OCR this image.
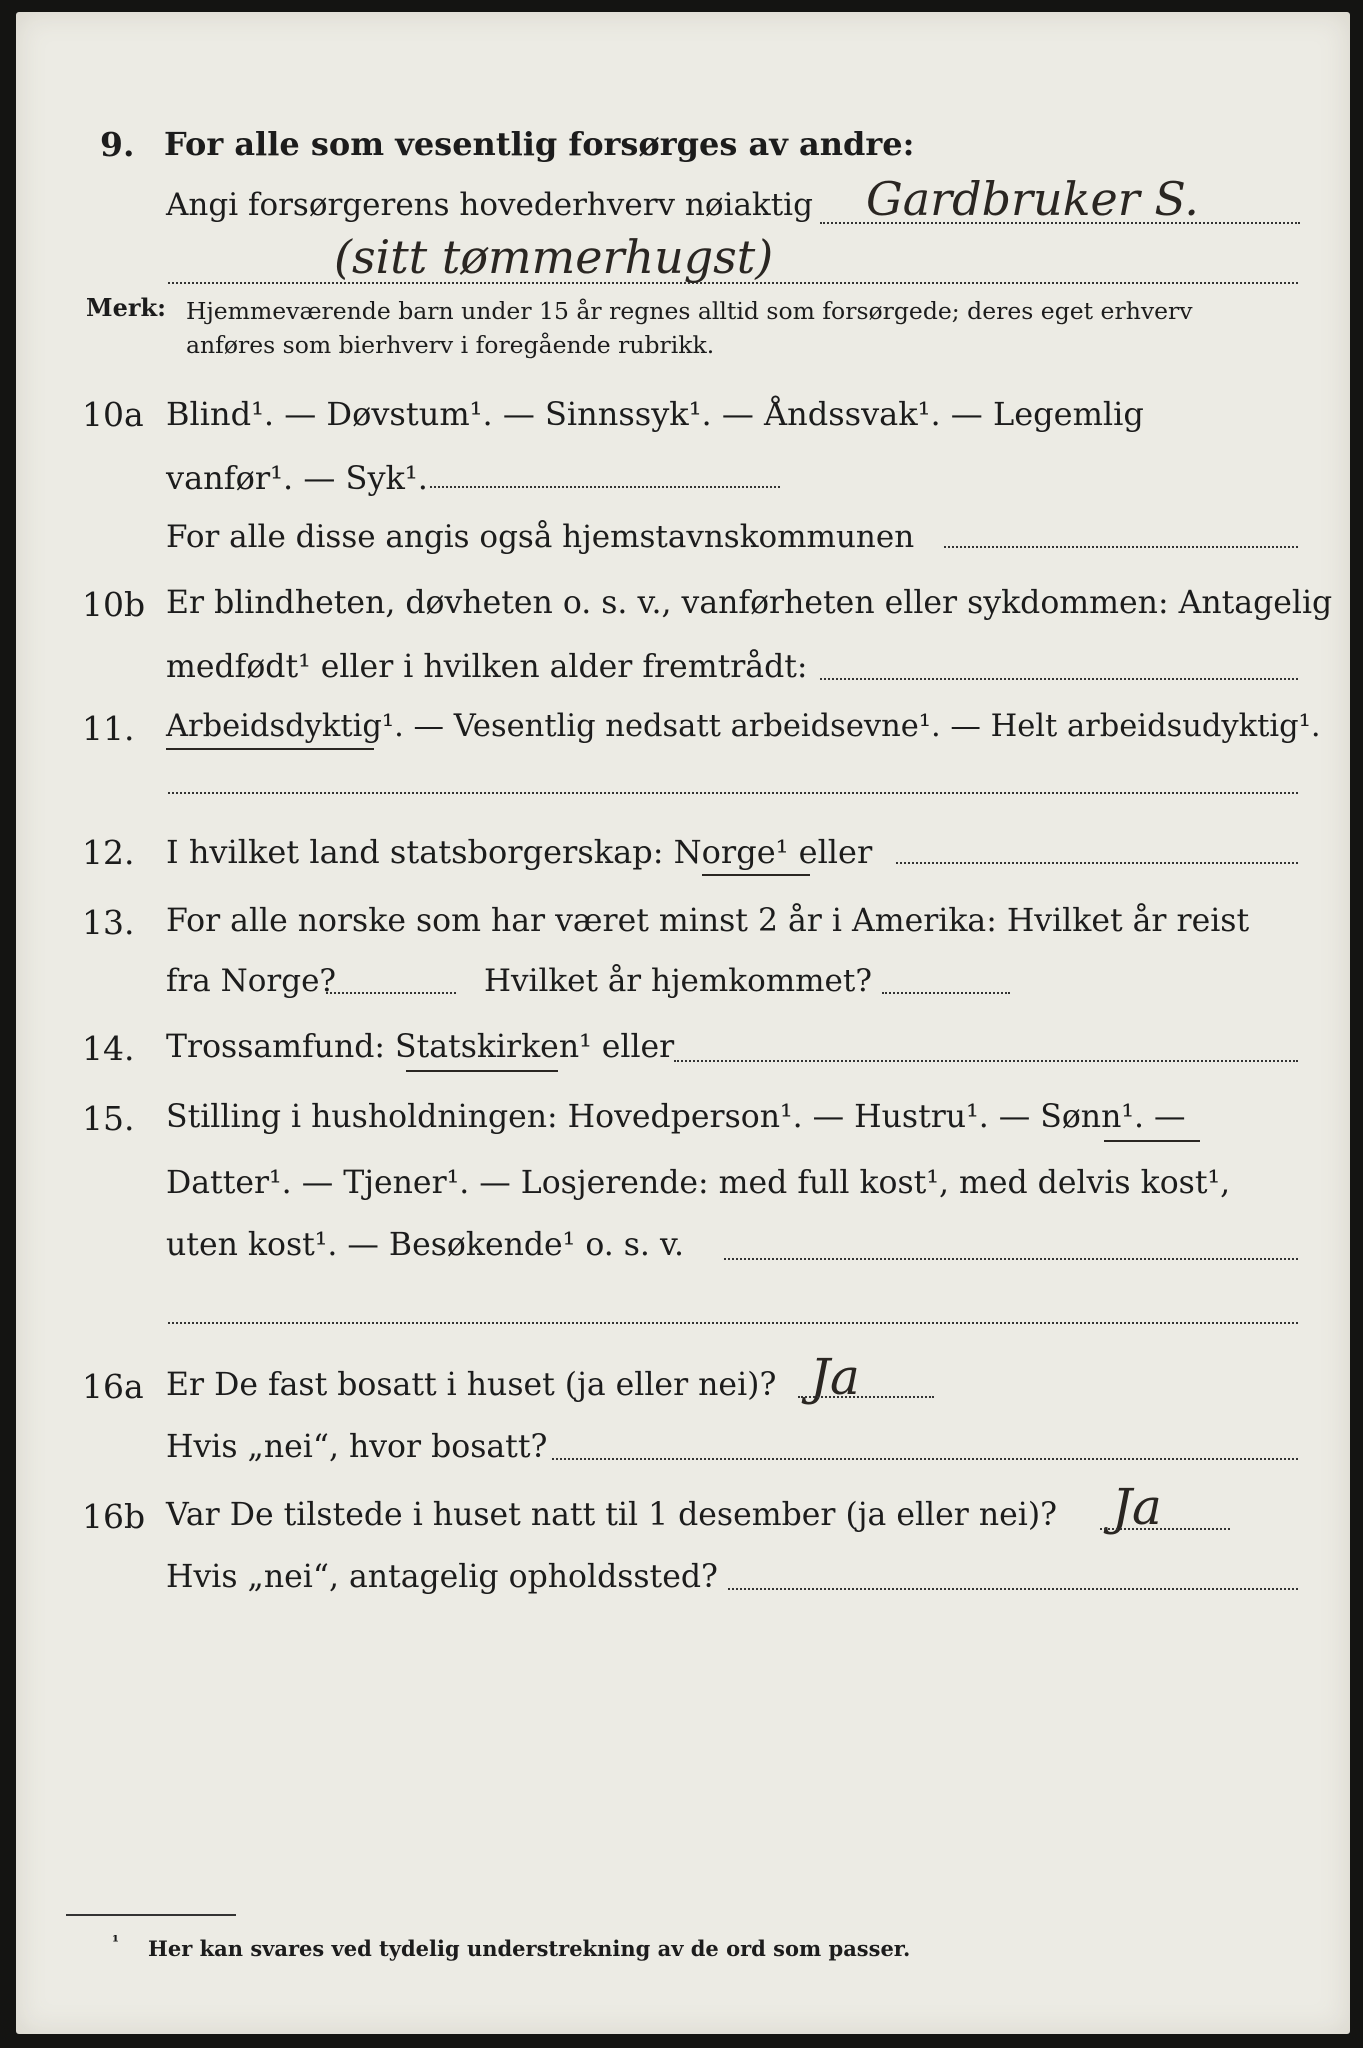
9. For alle som vesentlig forsørges av andre:
Angi forsørgerens hovederhverv nøiaktig Gardbruker S.
(sitt tømmerhugst)
Merk: Hjemmeværende barn under 15 år regnes alltid som forsørgede; deres eget erhverv
anføres som bierhverv i foregående rubrikk.
10a Blind¹. — Døvstum¹. — Sinnssyk¹. — Åndssvak¹. — Legemlig
vanfør¹. — Syk¹.
For alle disse angis også hjemstavnskommunen
10b Er blindheten, døvheten o. s. v., vanførheten eller sykdommen: Antagelig
medfødt¹ eller i hvilken alder fremtrådt:
11. Arbeidsdyktig¹. — Vesentlig nedsatt arbeidsevne¹. — Helt arbeidsudyktig¹.
12. I hvilket land statsborgerskap: Norge¹ eller
13. For alle norske som har været minst 2 år i Amerika: Hvilket år reist
fra Norge?	Hvilket år hjemkommet?
14. Trossamfund: Statskirken¹ eller
15. Stilling i husholdningen: Hovedperson¹. — Hustru¹. — Sønn¹. —
Datter¹. — Tjener¹. — Losjerende: med full kost¹, med delvis kost¹,
uten kost¹. — Besøkende¹ o. s. v.
16a Er De fast bosatt i huset (ja eller nei)? Ja
Hvis „nei“, hvor bosatt?
16b Var De tilstede i huset natt til 1 desember (ja eller nei)? Ja
Hvis „nei“, antagelig opholdssted?
¹ Her kan svares ved tydelig understrekning av de ord som passer.
